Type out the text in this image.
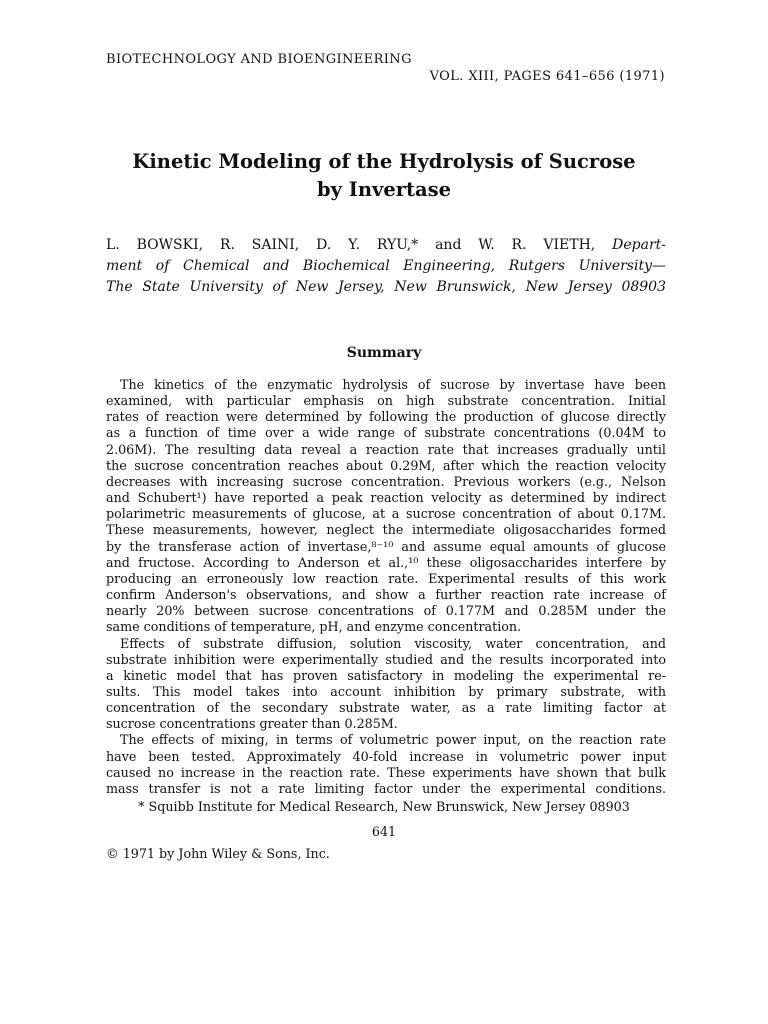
BIOTECHNOLOGY AND BIOENGINEERING
VOL. XIII, PAGES 641–656 (1971)
Kinetic Modeling of the Hydrolysis of Sucrose
by Invertase
L. BOWSKI, R. SAINI, D. Y. RYU,* and W. R. VIETH, Depart-
ment of Chemical and Biochemical Engineering, Rutgers University—
The State University of New Jersey, New Brunswick, New Jersey 08903
Summary
The kinetics of the enzymatic hydrolysis of sucrose by invertase have been
examined, with particular emphasis on high substrate concentration. Initial
rates of reaction were determined by following the production of glucose directly
as a function of time over a wide range of substrate concentrations (0.04M to
2.06M). The resulting data reveal a reaction rate that increases gradually until
the sucrose concentration reaches about 0.29M, after which the reaction velocity
decreases with increasing sucrose concentration. Previous workers (e.g., Nelson
and Schubert¹) have reported a peak reaction velocity as determined by indirect
polarimetric measurements of glucose, at a sucrose concentration of about 0.17M.
These measurements, however, neglect the intermediate oligosaccharides formed
by the transferase action of invertase,⁸⁻¹⁰ and assume equal amounts of glucose
and fructose. According to Anderson et al.,¹⁰ these oligosaccharides interfere by
producing an erroneously low reaction rate. Experimental results of this work
confirm Anderson's observations, and show a further reaction rate increase of
nearly 20% between sucrose concentrations of 0.177M and 0.285M under the
same conditions of temperature, pH, and enzyme concentration.
Effects of substrate diffusion, solution viscosity, water concentration, and
substrate inhibition were experimentally studied and the results incorporated into
a kinetic model that has proven satisfactory in modeling the experimental re-
sults. This model takes into account inhibition by primary substrate, with
concentration of the secondary substrate water, as a rate limiting factor at
sucrose concentrations greater than 0.285M.
The effects of mixing, in terms of volumetric power input, on the reaction rate
have been tested. Approximately 40-fold increase in volumetric power input
caused no increase in the reaction rate. These experiments have shown that bulk
mass transfer is not a rate limiting factor under the experimental conditions.
* Squibb Institute for Medical Research, New Brunswick, New Jersey 08903
641
© 1971 by John Wiley & Sons, Inc.
